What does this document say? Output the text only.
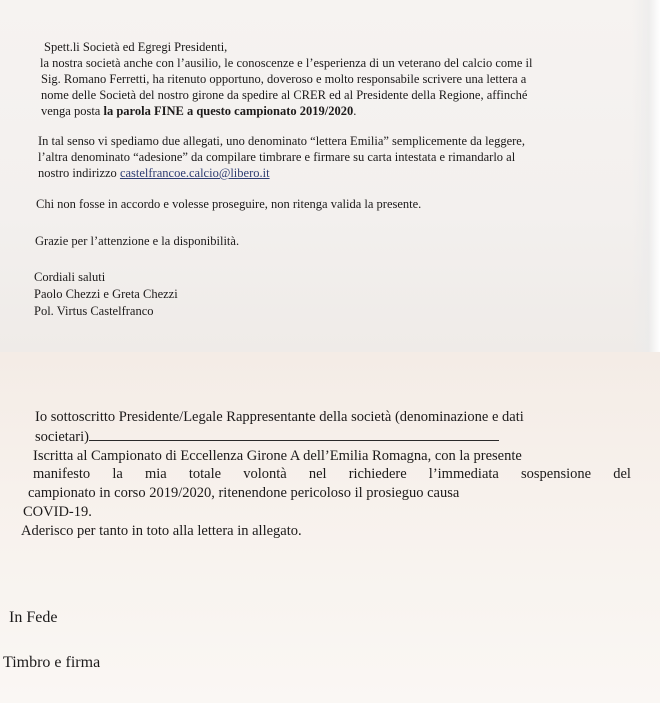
Spett.li Società ed Egregi Presidenti,
la nostra società anche con l’ausilio, le conoscenze e l’esperienza di un veterano del calcio come il
Sig. Romano Ferretti, ha ritenuto opportuno, doveroso e molto responsabile scrivere una lettera a
nome delle Società del nostro girone da spedire al CRER ed al Presidente della Regione, affinché
venga posta la parola FINE a questo campionato 2019/2020.
In tal senso vi spediamo due allegati, uno denominato “lettera Emilia” semplicemente da leggere,
l’altra denominato “adesione” da compilare timbrare e firmare su carta intestata e rimandarlo al
nostro indirizzo castelfrancoe.calcio@libero.it
Chi non fosse in accordo e volesse proseguire, non ritenga valida la presente.
Grazie per l’attenzione e la disponibilità.
Cordiali saluti
Paolo Chezzi e Greta Chezzi
Pol. Virtus Castelfranco
Io sottoscritto Presidente/Legale Rappresentante della società (denominazione e dati
societari)
Iscritta al Campionato di Eccellenza Girone A dell’Emilia Romagna, con la presente
manifesto la mia totale volontà nel richiedere l’immediata sospensione del
campionato in corso 2019/2020, ritenendone pericoloso il prosieguo causa
COVID-19.
Aderisco per tanto in toto alla lettera in allegato.
In Fede
Timbro e firma
